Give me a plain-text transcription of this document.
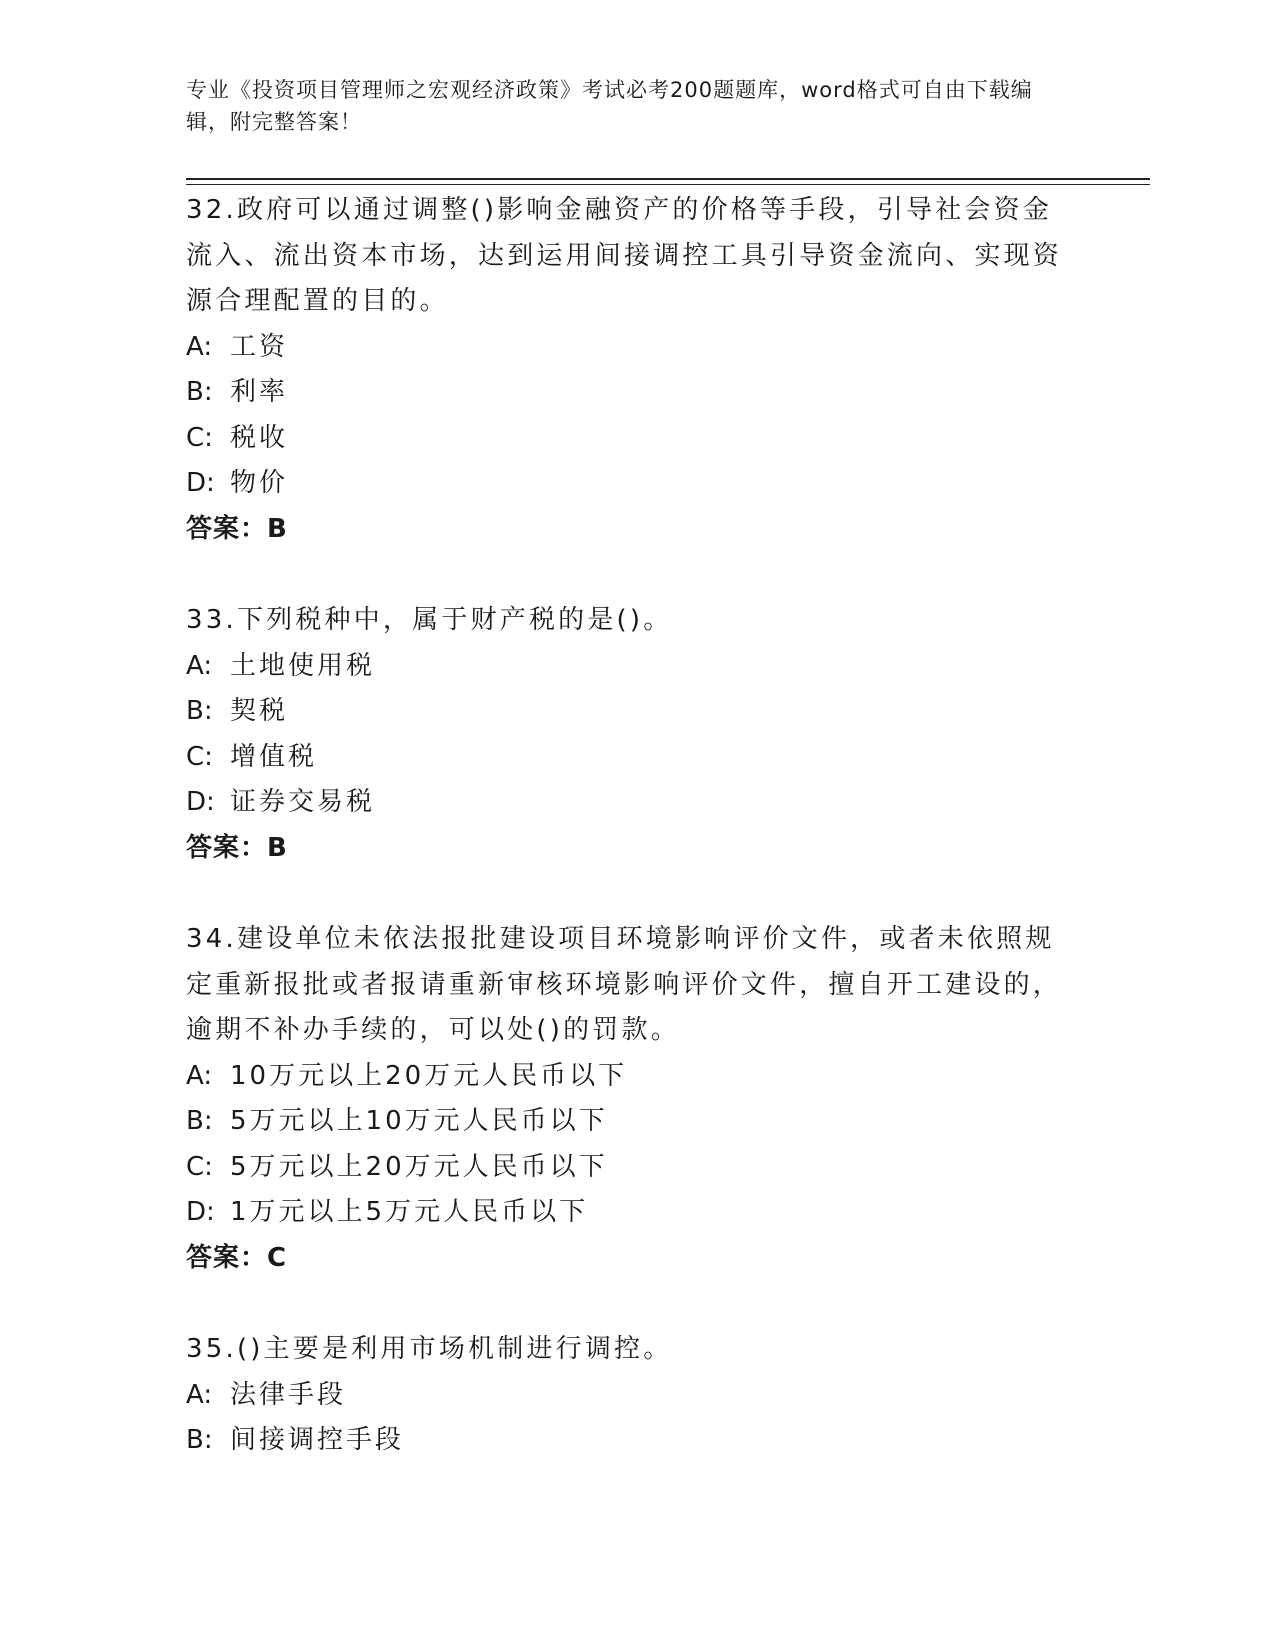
专业《投资项目管理师之宏观经济政策》考试必考200题题库，word格式可自由下载编辑，附完整答案！
32.政府可以通过调整()影响金融资产的价格等手段，引导社会资金流入、流出资本市场，达到运用间接调控工具引导资金流向、实现资源合理配置的目的。
A: 工资
B: 利率
C: 税收
D: 物价
答案：B
33.下列税种中，属于财产税的是()。
A: 土地使用税
B: 契税
C: 增值税
D: 证券交易税
答案：B
34.建设单位未依法报批建设项目环境影响评价文件，或者未依照规定重新报批或者报请重新审核环境影响评价文件，擅自开工建设的，逾期不补办手续的，可以处()的罚款。
A: 10万元以上20万元人民币以下
B: 5万元以上10万元人民币以下
C: 5万元以上20万元人民币以下
D: 1万元以上5万元人民币以下
答案：C
35.()主要是利用市场机制进行调控。
A: 法律手段
B: 间接调控手段
